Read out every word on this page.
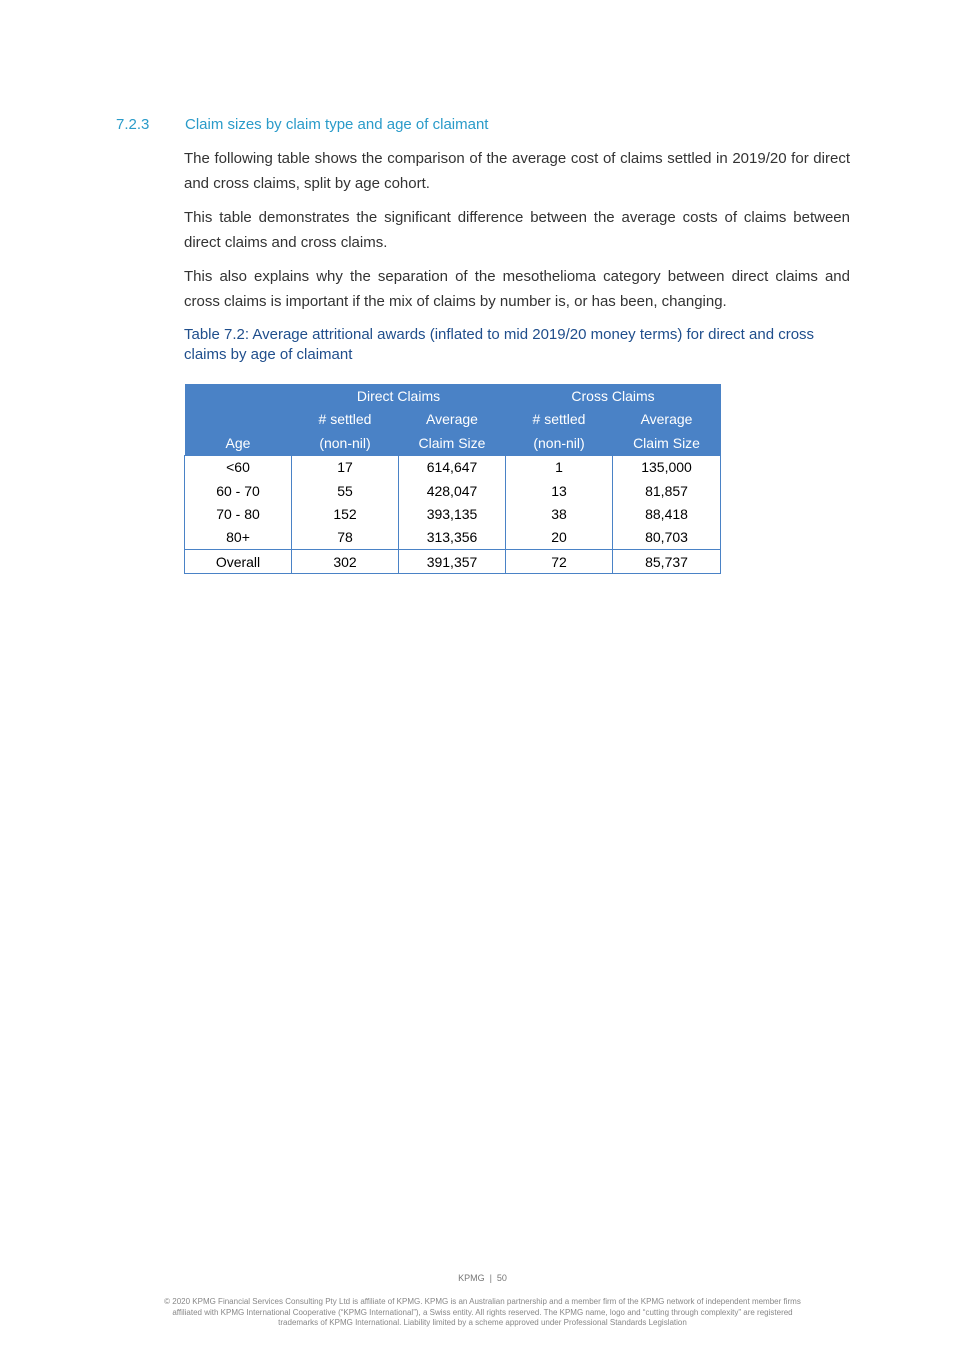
7.2.3 Claim sizes by claim type and age of claimant

The following table shows the comparison of the average cost of claims settled in 2019/20 for direct and cross claims, split by age cohort.

This table demonstrates the significant difference between the average costs of claims between direct claims and cross claims.

This also explains why the separation of the mesothelioma category between direct claims and cross claims is important if the mix of claims by number is, or has been, changing.

Table 7.2: Average attritional awards (inflated to mid 2019/20 money terms) for direct and cross claims by age of claimant
	Direct Claims		Cross Claims	
	# settled	Average	# settled	Average
Age	(non-nil)	Claim Size	(non-nil)	Claim Size
<60	17	614,647	1	135,000
60 - 70	55	428,047	13	81,857
70 - 80	152	393,135	38	88,418
80+	78	313,356	20	80,703
Overall	302	391,357	72	85,737
KPMG  |  50
© 2020 KPMG Financial Services Consulting Pty Ltd is affiliate of KPMG. KPMG is an Australian partnership and a member firm of the KPMG network of independent member firms
affiliated with KPMG International Cooperative (“KPMG International”), a Swiss entity. All rights reserved. The KPMG name, logo and “cutting through complexity” are registered
trademarks of KPMG International. Liability limited by a scheme approved under Professional Standards Legislation
